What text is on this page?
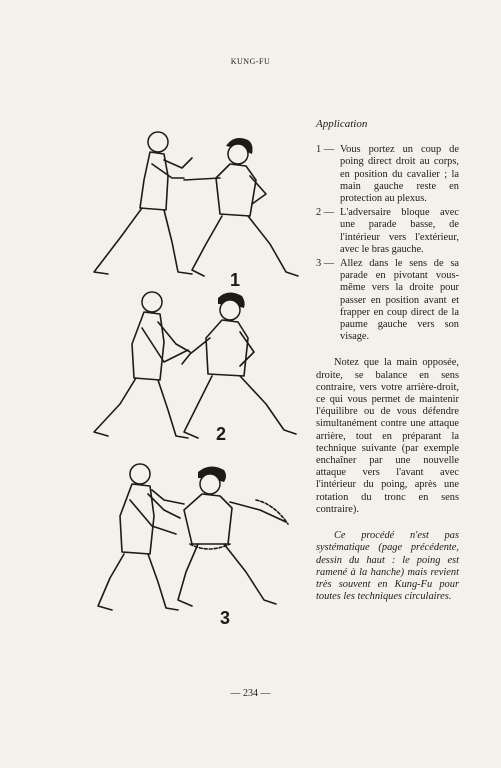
KUNG-FU
1
2
3
Application
1 — Vous portez un coup de poing direct droit au corps, en position du cavalier ; la main gauche reste en protection au plexus.
2 — L'adversaire bloque avec une parade basse, de l'intérieur vers l'extérieur, avec le bras gauche.
3 — Allez dans le sens de sa parade en pivotant vous-même vers la droite pour passer en position avant et frapper en coup direct de la paume gauche vers son visage.

Notez que la main opposée, droite, se balance en sens contraire, vers votre arrière-droit, ce qui vous permet de maintenir l'équilibre ou de vous défendre simultanément contre une attaque arrière, tout en préparant la technique suivante (par exemple enchaîner par une nouvelle attaque vers l'avant avec l'intérieur du poing, après une rotation du tronc en sens contraire).

Ce procédé n'est pas systématique (page précédente, dessin du haut : le poing est ramené à la hanche) mais revient très souvent en Kung-Fu pour toutes les techniques circulaires.

— 234 —
